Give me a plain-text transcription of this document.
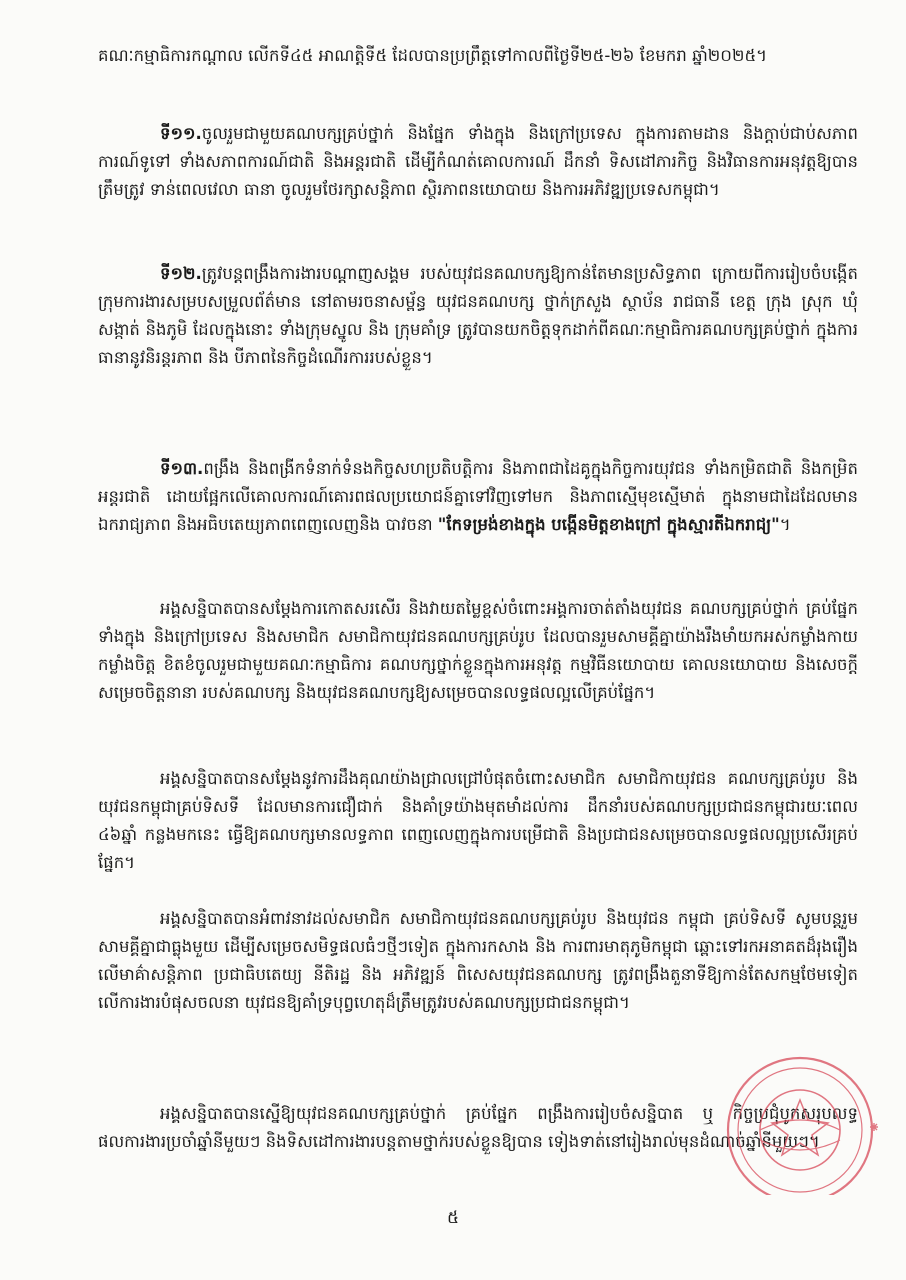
គណៈកម្មាធិការកណ្តាល លើកទី៤៥ អាណត្តិទី៥ ដែលបានប្រព្រឹត្តទៅកាលពីថ្ងៃទី២៥-២៦ ខែមករា ឆ្នាំ២០២៥។

ទី១១.ចូលរួមជាមួយគណបក្សគ្រប់ថ្នាក់ និងផ្នែក ទាំងក្នុង និងក្រៅប្រទេស ក្នុងការតាមដាន និងក្តាប់ជាប់សភាពការណ៍ទូទៅ ទាំងសភាពការណ៍ជាតិ និងអន្តរជាតិ ដើម្បីកំណត់គោលការណ៍ ដឹកនាំ ទិសដៅភារកិច្ច និងវិធានការអនុវត្តឱ្យបានត្រឹមត្រូវ ទាន់ពេលវេលា ធានា ចូលរួមថែរក្សាសន្តិភាព ស្ថិរភាពនយោបាយ និងការអភិវឌ្ឍប្រទេសកម្ពុជា។

ទី១២.ត្រូវបន្តពង្រឹងការងារបណ្តាញសង្គម របស់យុវជនគណបក្សឱ្យកាន់តែមានប្រសិទ្ធភាព ក្រោយពីការរៀបចំបង្កើតក្រុមការងារសម្របសម្រួលព័ត៌មាន នៅតាមរចនាសម្ព័ន្ធ យុវជនគណបក្ស ថ្នាក់ក្រសួង ស្ថាប័ន រាជធានី ខេត្ត ក្រុង ស្រុក ឃុំ សង្កាត់ និងភូមិ ដែលក្នុងនោះ ទាំងក្រុមស្នូល និង ក្រុមគាំទ្រ ត្រូវបានយកចិត្តទុកដាក់ពីគណៈកម្មាធិការគណបក្សគ្រប់ថ្នាក់ ក្នុងការធានានូវនិរន្តរភាព និង បីភាពនៃកិច្ចដំណើរការរបស់ខ្លួន។

ទី១៣.ពង្រឹង និងពង្រីកទំនាក់ទំនងកិច្ចសហប្រតិបត្តិការ និងភាពជាដៃគូក្នុងកិច្ចការយុវជន ទាំងកម្រិតជាតិ និងកម្រិតអន្តរជាតិ ដោយផ្អែកលើគោលការណ៍គោរពផលប្រយោជន៍គ្នាទៅវិញទៅមក និងភាពស្មើមុខស្មើមាត់ ក្នុងនាមជាដៃដែលមានឯករាជ្យភាព និងអធិបតេយ្យភាពពេញលេញនិង បាវចនា "កែទម្រង់ខាងក្នុង បង្កើនមិត្តខាងក្រៅ ក្នុងស្មារតីឯករាជ្យ"។

អង្គសន្និបាតបានសម្តែងការកោតសរសើរ និងវាយតម្លៃខ្ពស់ចំពោះអង្គការចាត់តាំងយុវជន គណបក្សគ្រប់ថ្នាក់ គ្រប់ផ្នែកទាំងក្នុង និងក្រៅប្រទេស និងសមាជិក សមាជិកាយុវជនគណបក្សគ្រប់រូប ដែលបានរួមសាមគ្គីគ្នាយ៉ាងរឹងមាំយកអស់កម្លាំងកាយ កម្លាំងចិត្ត ខិតខំចូលរួមជាមួយគណៈកម្មាធិការ គណបក្សថ្នាក់ខ្លួនក្នុងការអនុវត្ត កម្មវិធីនយោបាយ គោលនយោបាយ និងសេចក្តីសម្រេចចិត្តនានា របស់គណបក្ស និងយុវជនគណបក្សឱ្យសម្រេចបានលទ្ធផលល្អលើគ្រប់ផ្នែក។

អង្គសន្និបាតបានសម្តែងនូវការដឹងគុណយ៉ាងជ្រាលជ្រៅបំផុតចំពោះសមាជិក សមាជិកាយុវជន គណបក្សគ្រប់រូប និងយុវជនកម្ពុជាគ្រប់ទិសទី ដែលមានការជឿជាក់ និងគាំទ្រយ៉ាងមុតមាំដល់ការ ដឹកនាំរបស់គណបក្សប្រជាជនកម្ពុជារយៈពេល ៤៦ឆ្នាំ កន្លងមកនេះ ធ្វើឱ្យគណបក្សមានលទ្ធភាព ពេញលេញក្នុងការបម្រើជាតិ និងប្រជាជនសម្រេចបានលទ្ធផលល្អប្រសើរគ្រប់ផ្នែក។

អង្គសន្និបាតបានអំពាវនាវដល់សមាជិក សមាជិកាយុវជនគណបក្សគ្រប់រូប និងយុវជន កម្ពុជា គ្រប់ទិសទី សូមបន្តរួមសាមគ្គីគ្នាជាធ្លុងមួយ ដើម្បីសម្រេចសមិទ្ធផលធំៗថ្មីៗទៀត ក្នុងការកសាង និង ការពារមាតុភូមិកម្ពុជា ឆ្ពោះទៅរកអនាគតដ៏រុងរឿង លើមាគ៌ាសន្តិភាព ប្រជាធិបតេយ្យ នីតិរដ្ឋ និង អភិវឌ្ឍន៍ ពិសេសយុវជនគណបក្ស ត្រូវពង្រឹងតួនាទីឱ្យកាន់តែសកម្មថែមទៀតលើការងារបំផុសចលនា យុវជនឱ្យគាំទ្របុព្វហេតុដ៏ត្រឹមត្រូវរបស់គណបក្សប្រជាជនកម្ពុជា។

អង្គសន្និបាតបានស្នើឱ្យយុវជនគណបក្សគ្រប់ថ្នាក់ គ្រប់ផ្នែក ពង្រឹងការរៀបចំសន្និបាត ឬ កិច្ចប្រជុំបូកសរុបលទ្ធផលការងារប្រចាំឆ្នាំនីមួយៗ និងទិសដៅការងារបន្តតាមថ្នាក់របស់ខ្លួនឱ្យបាន ទៀងទាត់នៅរៀងរាល់មុនដំណាច់ឆ្នាំនីមួយៗ។

៥
